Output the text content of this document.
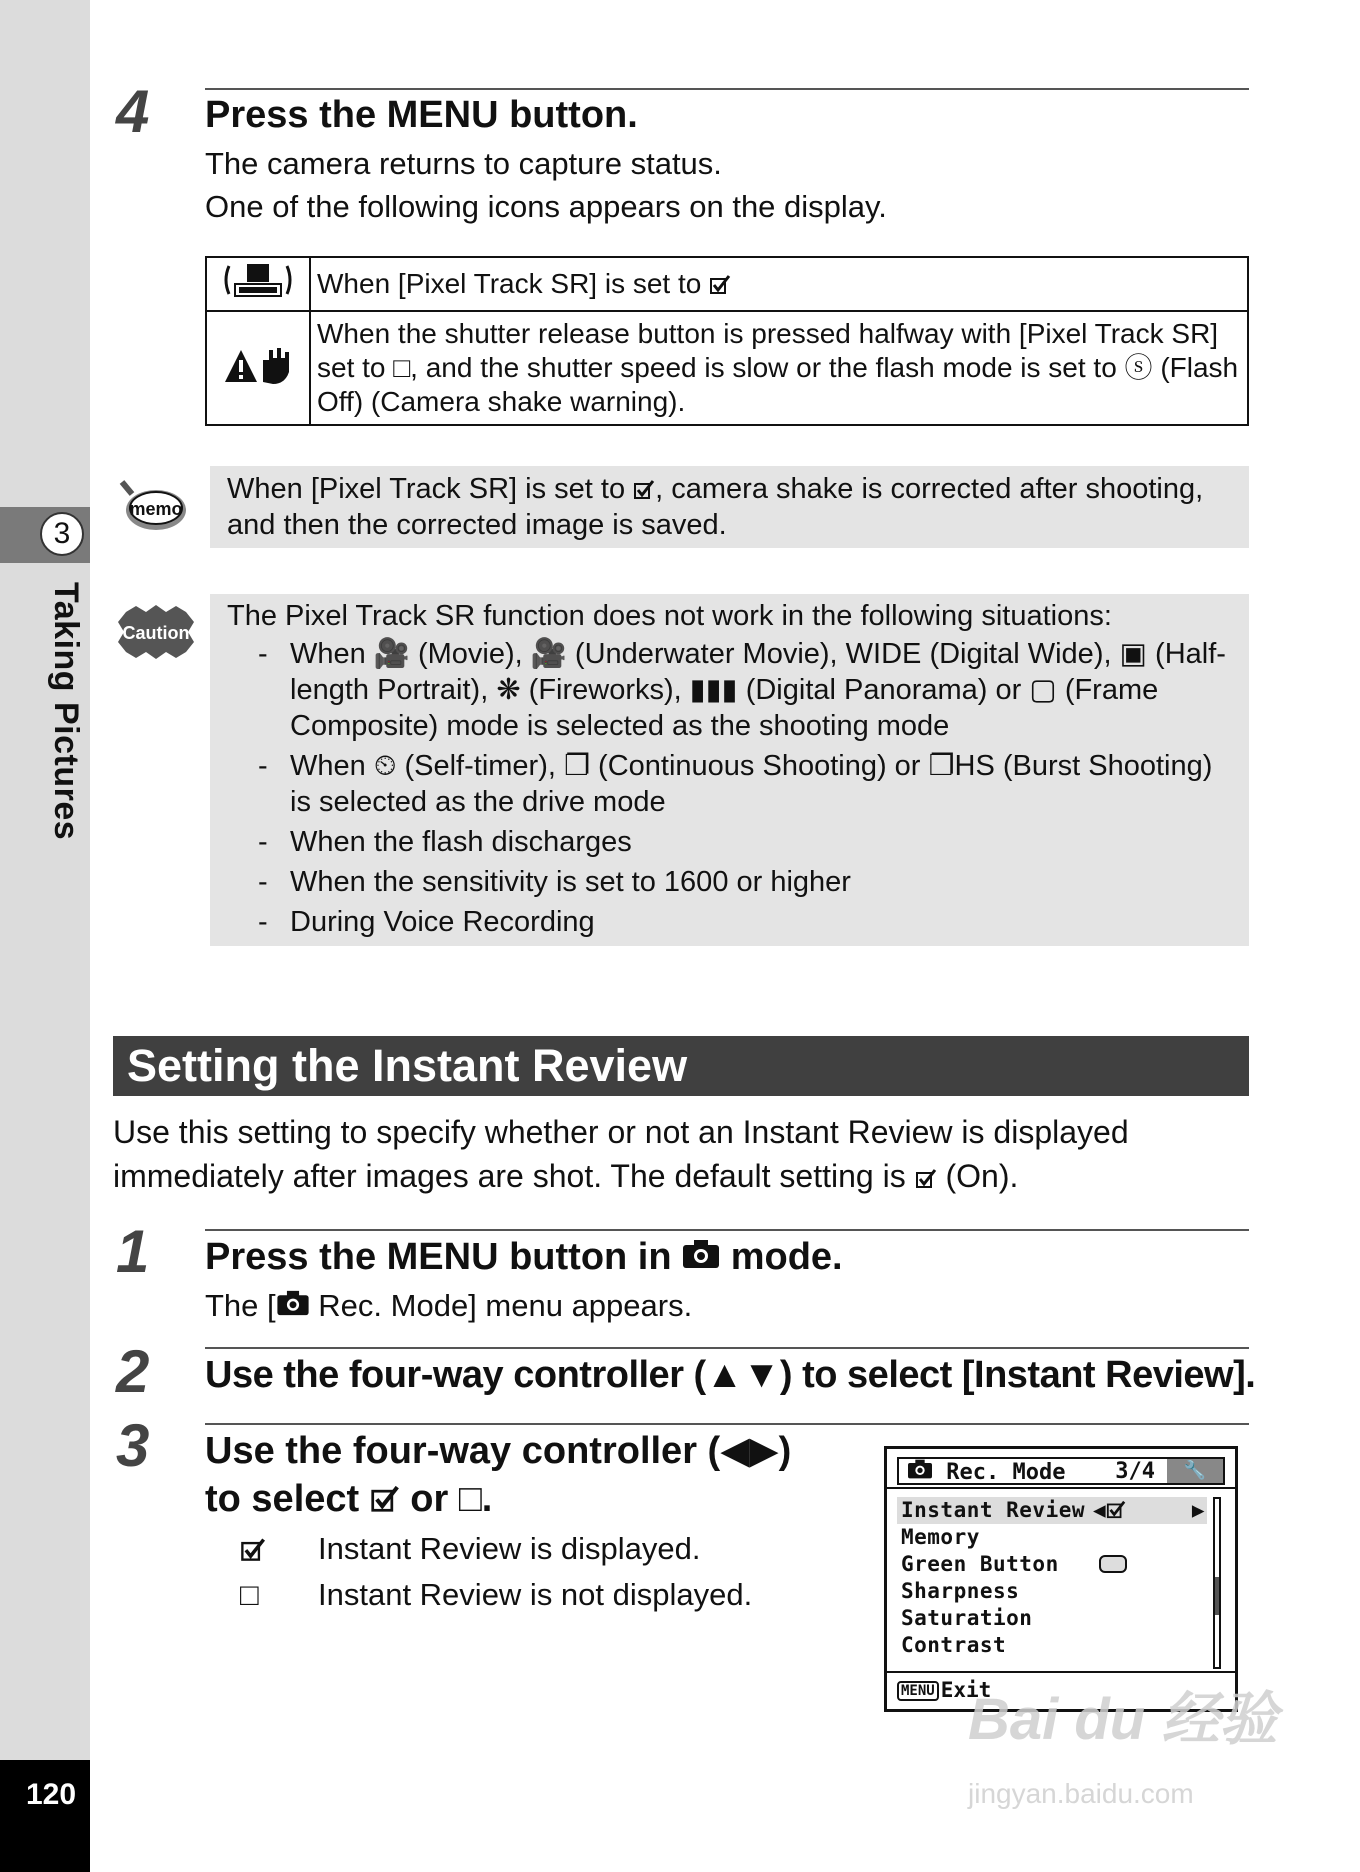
3
Taking Pictures
120
4 Press the MENU button.
The camera returns to capture status.
One of the following icons appears on the display.
	When [Pixel Track SR] is set to
	When the shutter release button is pressed halfway with [Pixel Track SR] set to □, and the shutter speed is slow or the flash mode is set to ⓢ (Flash Off) (Camera shake warning).
memo
When [Pixel Track SR] is set to , camera shake is corrected after shooting, and then the corrected image is saved.
Caution
The Pixel Track SR function does not work in the following situations:
- When 🎥 (Movie), 🎥 (Underwater Movie), WIDE (Digital Wide), ▣ (Half-length Portrait), ❋ (Fireworks), ▮▮▮ (Digital Panorama) or ▢ (Frame Composite) mode is selected as the shooting mode
- When ⏲ (Self-timer), ❐ (Continuous Shooting) or ❐HS (Burst Shooting) is selected as the drive mode
- When the flash discharges
- When the sensitivity is set to 1600 or higher
- During Voice Recording
Setting the Instant Review
Use this setting to specify whether or not an Instant Review is displayed immediately after images are shot. The default setting is (On).
1 Press the MENU button in mode.
The [ Rec. Mode] menu appears.
2 Use the four-way controller (▲▼) to select [Instant Review].
3 Use the four-way controller (◀▶)
to select or □.
Instant Review is displayed.
□ Instant Review is not displayed.
Rec. Mode 3/4	🔧
Instant Review ◀	▶
Memory
Green Button
Sharpness
Saturation
Contrast
MENU Exit
Bai du 经验
jingyan.baidu.com
